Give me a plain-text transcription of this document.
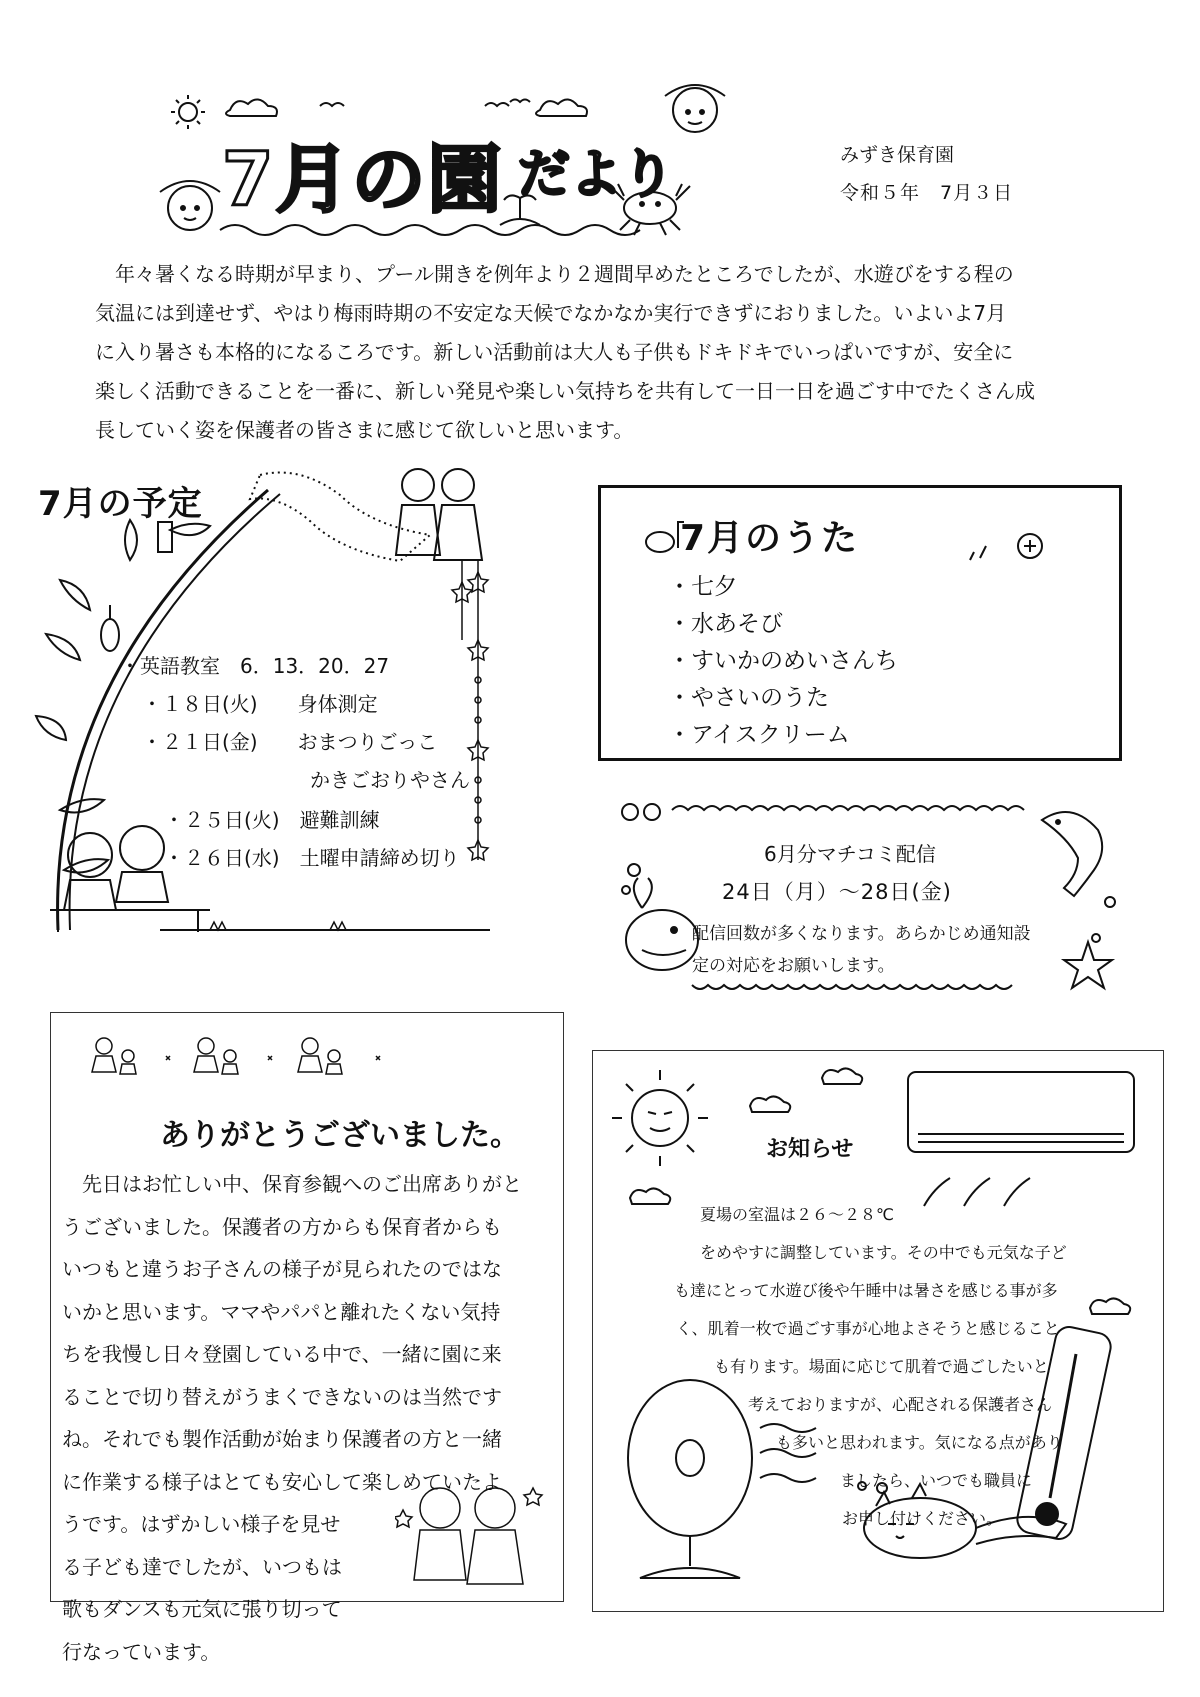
7月の園 だより	みずき保育園
令和５年　7月３日
年々暑くなる時期が早まり、プール開きを例年より２週間早めたところでしたが、水遊びをする程の
気温には到達せず、やはり梅雨時期の不安定な天候でなかなか実行できずにおりました。いよいよ7月
に入り暑さも本格的になるころです。新しい活動前は大人も子供もドキドキでいっぱいですが、安全に
楽しく活動できることを一番に、新しい発見や楽しい気持ちを共有して一日一日を過ごす中でたくさん成
長していく姿を保護者の皆さまに感じて欲しいと思います。
7月の予定
・英語教室　6．13．20．27
・１８日(火)　　身体測定
・２１日(金)　　おまつりごっこ
かきごおりやさん
・２５日(火)　避難訓練
・２６日(水)　土曜申請締め切り
7月のうた
・七夕
・水あそび
・すいかのめいさんち
・やさいのうた
・アイスクリーム
6月分マチコミ配信
24日（月）～28日(金)
配信回数が多くなります。あらかじめ通知設
定の対応をお願いします。
ありがとうございました。
　先日はお忙しい中、保育参観へのご出席ありがと
うございました。保護者の方からも保育者からも
いつもと違うお子さんの様子が見られたのではな
いかと思います。ママやパパと離れたくない気持
ちを我慢し日々登園している中で、一緒に園に来
ることで切り替えがうまくできないのは当然です
ね。それでも製作活動が始まり保護者の方と一緒
に作業する様子はとても安心して楽しめていたよ
うです。はずかしい様子を見せ
る子ども達でしたが、いつもは
歌もダンスも元気に張り切って
行なっています。
お知らせ
夏場の室温は２６～２８℃
をめやすに調整しています。その中でも元気な子ど
も達にとって水遊び後や午睡中は暑さを感じる事が多
く、肌着一枚で過ごす事が心地よさそうと感じること
も有ります。場面に応じて肌着で過ごしたいと
考えておりますが、心配される保護者さん
も多いと思われます。気になる点があり
ましたら、いつでも職員に
お申し付けください。
